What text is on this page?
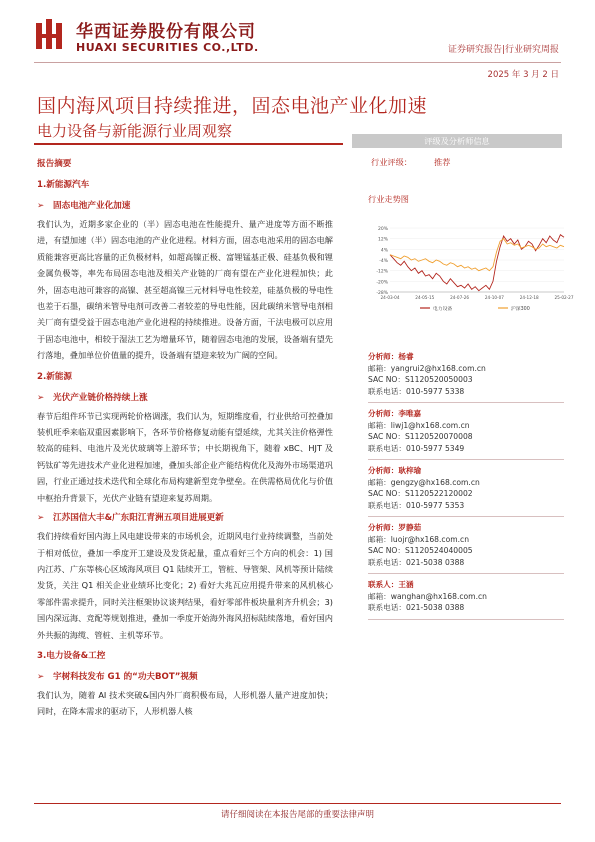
华西证券股份有限公司
HUAXI SECURITIES CO.,LTD.	证券研究报告|行业研究周报
2025 年 3 月 2 日
国内海风项目持续推进，固态电池产业化加速
电力设备与新能源行业周观察
报告摘要
1.新能源汽车
➢ 固态电池产业化加速

我们认为，近期多家企业的（半）固态电池在性能提升、量产进度等方面不断推进，有望加速（半）固态电池的产业化进程。材料方面，固态电池采用的固态电解质能兼容更高比容量的正负极材料，如超高镍正极、富锂锰基正极、硅基负极和锂金属负极等，率先布局固态电池及相关产业链的厂商有望在产业化进程加快；此外，固态电池可兼容的高镍、甚至超高镍三元材料导电性较差，硅基负极的导电性也差于石墨，碳纳米管导电剂可改善二者较差的导电性能，因此碳纳米管导电剂相关厂商有望受益于固态电池产业化进程的持续推进。设备方面，干法电极可以应用于固态电池中，相较于湿法工艺为增量环节，随着固态电池的发展，设备端有望先行落地，叠加单位价值量的提升，设备端有望迎来较为广阔的空间。

2.新能源
➢ 光伏产业链价格持续上涨

春节后组件环节已实现两轮价格调涨，我们认为，短期维度看，行业供给可控叠加装机旺季来临双重因素影响下，各环节价格修复动能有望延续，尤其关注价格弹性较高的硅料、电池片及光伏玻璃等上游环节；中长期视角下，随着 xBC、HJT 及钙钛矿等先进技术产业化进程加速，叠加头部企业产能结构优化及海外市场渠道巩固，行业正通过技术迭代和全球化布局构建新型竞争壁垒。在供需格局优化与价值中枢抬升背景下，光伏产业链有望迎来复苏周期。

➢ 江苏国信大丰&广东阳江青洲五项目进展更新

我们持续看好国内海上风电建设带来的市场机会，近期风电行业持续调整，当前处于相对低位，叠加一季度开工建设及发货起量，重点看好三个方向的机会：1) 国内江苏、广东等核心区域海风项目 Q1 陆续开工，管桩、导管架、风机等预计陆续发货，关注 Q1 相关企业业绩环比变化；2) 看好大兆瓦应用提升带来的风机核心零部件需求提升，同时关注框架协议谈判结果，看好零部件板块量利齐升机会；3) 国内深远海、竞配等规划推进，叠加一季度开始海外海风招标陆续落地，看好国内外共振的海缆、管桩、主机等环节。

3.电力设备&工控
➢ 宇树科技发布 G1 的“功夫BOT”视频

我们认为，随着 AI 技术突破&国内外厂商积极布局，人形机器人量产进度加快；同时，在降本需求的驱动下，人形机器人核

评级及分析师信息
行业评级：	推荐
行业走势图
20%
12%
4%
-4%
-12%
-20%
-28%
24-03-04	24-05-15	24-07-26	24-10-07	24-12-18	25-02-27
电力设备	沪深300
分析师：杨睿
邮箱：yangrui2@hx168.com.cn
SAC NO：S1120520050003
联系电话：010-5977 5338
分析师：李唯嘉
邮箱：liwj1@hx168.com.cn
SAC NO：S1120520070008
联系电话：010-5977 5349
分析师：耿梓瑜
邮箱：gengzy@hx168.com.cn
SAC NO：S1120522120002
联系电话：010-5977 5353
分析师：罗静茹
邮箱：luojr@hx168.com.cn
SAC NO：S1120524040005
联系电话：021-5038 0388
联系人：王涵
邮箱：wanghan@hx168.com.cn
联系电话：021-5038 0388
请仔细阅读在本报告尾部的重要法律声明
